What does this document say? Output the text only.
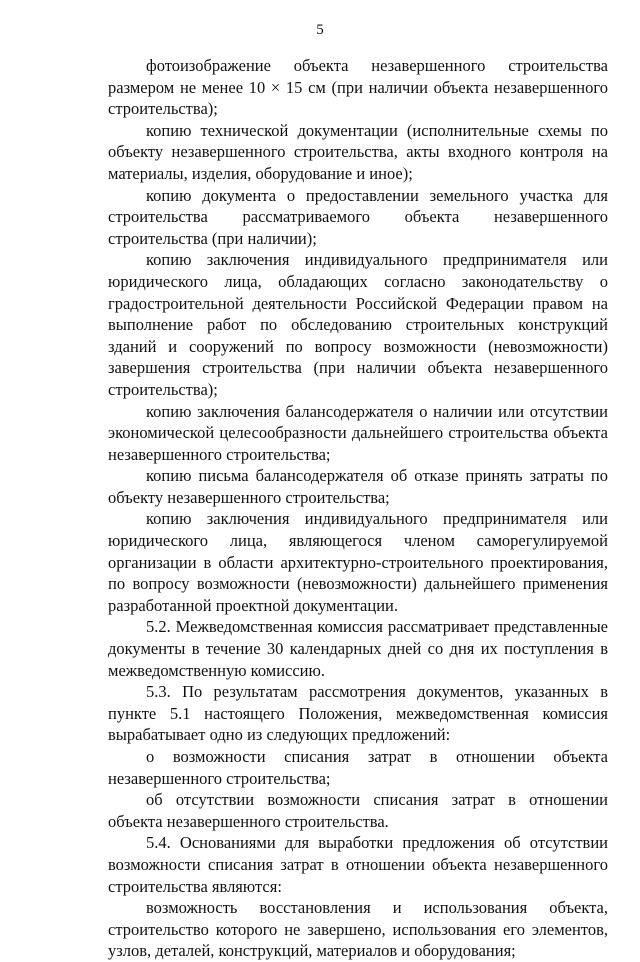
5

фотоизображение объекта незавершенного строительства размером не менее 10 × 15 см (при наличии объекта незавершенного строительства);

копию технической документации (исполнительные схемы по объекту незавершенного строительства, акты входного контроля на материалы, изделия, оборудование и иное);

копию документа о предоставлении земельного участка для строительства рассматриваемого объекта незавершенного строительства (при наличии);

копию заключения индивидуального предпринимателя или юридического лица, обладающих согласно законодательству о градостроительной деятельности Российской Федерации правом на выполнение работ по обследованию строительных конструкций зданий и сооружений по вопросу возможности (невозможности) завершения строительства (при наличии объекта незавершенного строительства);

копию заключения балансодержателя о наличии или отсутствии экономической целесообразности дальнейшего строительства объекта незавершенного строительства;

копию письма балансодержателя об отказе принять затраты по объекту незавершенного строительства;

копию заключения индивидуального предпринимателя или юридического лица, являющегося членом саморегулируемой организации в области архитектурно-строительного проектирования, по вопросу возможности (невозможности) дальнейшего применения разработанной проектной документации.

5.2. Межведомственная комиссия рассматривает представленные документы в течение 30 календарных дней со дня их поступления в межведомственную комиссию.

5.3. По результатам рассмотрения документов, указанных в пункте 5.1 настоящего Положения, межведомственная комиссия вырабатывает одно из следующих предложений:

о возможности списания затрат в отношении объекта незавершенного строительства;

об отсутствии возможности списания затрат в отношении объекта незавершенного строительства.

5.4. Основаниями для выработки предложения об отсутствии возможности списания затрат в отношении объекта незавершенного строительства являются:

возможность восстановления и использования объекта, строительство которого не завершено, использования его элементов, узлов, деталей, конструкций, материалов и оборудования;
